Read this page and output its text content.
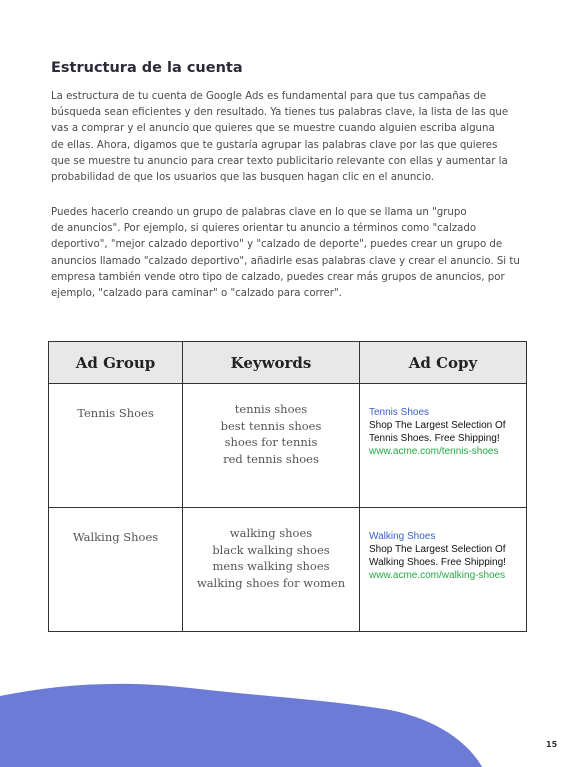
Estructura de la cuenta

La estructura de tu cuenta de Google Ads es fundamental para que tus campañas de
búsqueda sean eficientes y den resultado. Ya tienes tus palabras clave, la lista de las que
vas a comprar y el anuncio que quieres que se muestre cuando alguien escriba alguna
de ellas. Ahora, digamos que te gustaría agrupar las palabras clave por las que quieres
que se muestre tu anuncio para crear texto publicitario relevante con ellas y aumentar la
probabilidad de que los usuarios que las busquen hagan clic en el anuncio.

Puedes hacerlo creando un grupo de palabras clave en lo que se llama un "grupo
de anuncios". Por ejemplo, si quieres orientar tu anuncio a términos como "calzado
deportivo", "mejor calzado deportivo" y "calzado de deporte", puedes crear un grupo de
anuncios llamado "calzado deportivo", añadirle esas palabras clave y crear el anuncio. Si tu
empresa también vende otro tipo de calzado, puedes crear más grupos de anuncios, por
ejemplo, "calzado para caminar" o "calzado para correr".

Ad Group	Keywords	Ad Copy
Tennis Shoes	tennis shoes
best tennis shoes
shoes for tennis
red tennis shoes	Tennis Shoes
Shop The Largest Selection Of
Tennis Shoes. Free Shipping!
www.acme.com/tennis-shoes

Walking Shoes	walking shoes
black walking shoes
mens walking shoes
walking shoes for women	Walking Shoes
Shop The Largest Selection Of
Walking Shoes. Free Shipping!
www.acme.com/walking-shoes
15
